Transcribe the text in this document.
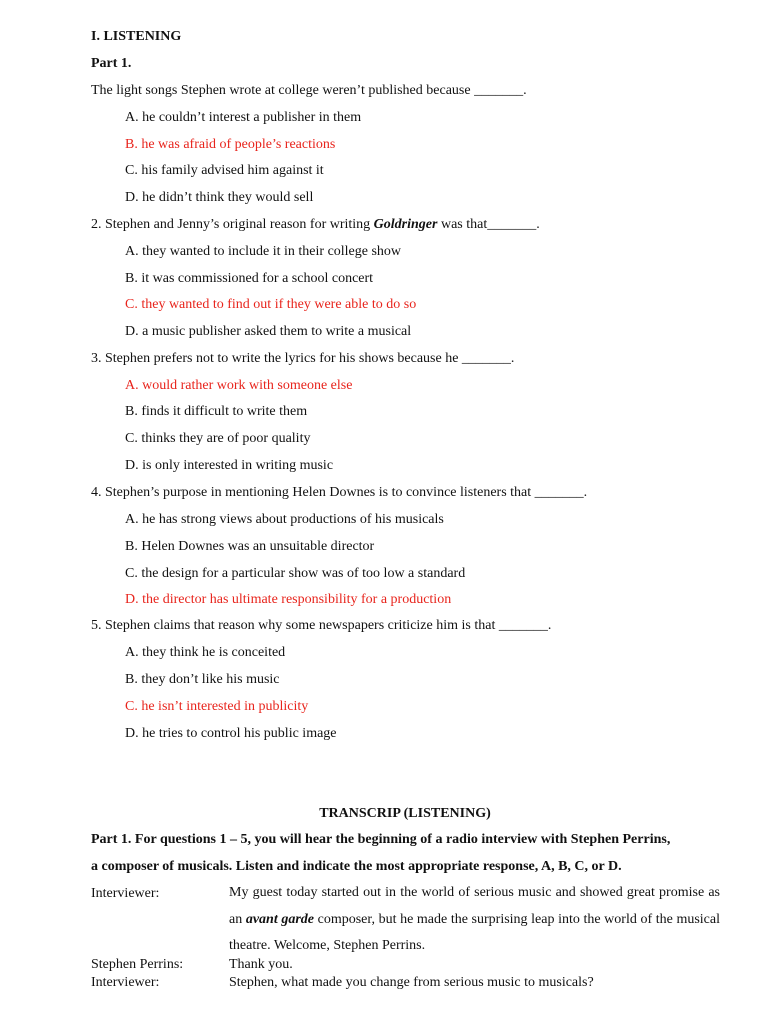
I. LISTENING
Part 1.
The light songs Stephen wrote at college weren’t published because _______.
A. he couldn’t interest a publisher in them
B. he was afraid of people’s reactions
C. his family advised him against it
D. he didn’t think they would sell
2. Stephen and Jenny’s original reason for writing Goldringer was that_______.
A. they wanted to include it in their college show
B. it was commissioned for a school concert
C. they wanted to find out if they were able to do so
D. a music publisher asked them to write a musical
3. Stephen prefers not to write the lyrics for his shows because he _______.
A. would rather work with someone else
B. finds it difficult to write them
C. thinks they are of poor quality
D. is only interested in writing music
4. Stephen’s purpose in mentioning Helen Downes is to convince listeners that _______.
A. he has strong views about productions of his musicals
B. Helen Downes was an unsuitable director
C. the design for a particular show was of too low a standard
D. the director has ultimate responsibility for a production
5. Stephen claims that reason why some newspapers criticize him is that _______.
A. they think he is conceited
B. they don’t like his music
C. he isn’t interested in publicity
D. he tries to control his public image
TRANSCRIP (LISTENING)
Part 1. For questions 1 – 5, you will hear the beginning of a radio interview with Stephen Perrins,
a composer of musicals. Listen and indicate the most appropriate response, A, B, C, or D.
Interviewer:	My guest today started out in the world of serious music and showed great promise as an avant garde composer, but he made the surprising leap into the world of the musical theatre. Welcome, Stephen Perrins.
Stephen Perrins:	Thank you.
Interviewer:	Stephen, what made you change from serious music to musicals?
